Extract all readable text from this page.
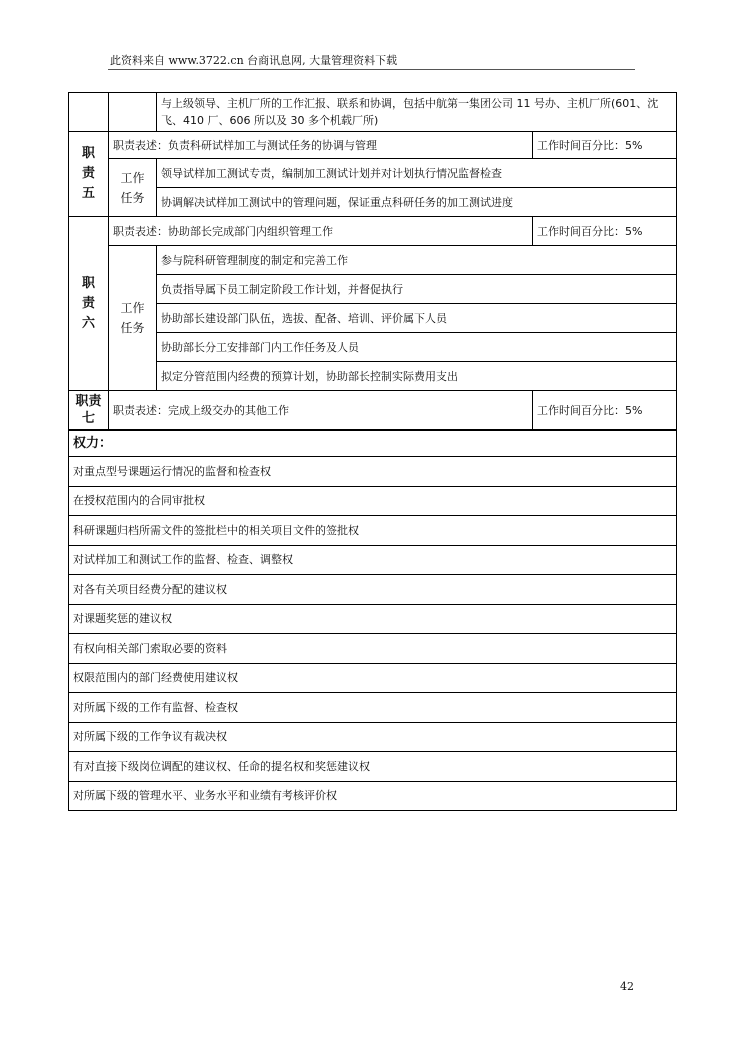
此资料来自 www.3722.cn 台商讯息网, 大量管理资料下载
		与上级领导、主机厂所的工作汇报、联系和协调，包括中航第一集团公司 11 号办、主机厂所(601、沈飞、410 厂、606 所以及 30 多个机载厂所)	
职
责
五	职责表述：负责科研试样加工与测试任务的协调与管理		工作时间百分比：5%
	工作
任务	领导试样加工测试专责，编制加工测试计划并对计划执行情况监督检查	
		协调解决试样加工测试中的管理问题，保证重点科研任务的加工测试进度	
职
责
六	职责表述：协助部长完成部门内组织管理工作		工作时间百分比：5%
	工作
任务	参与院科研管理制度的制定和完善工作	
		负责指导属下员工制定阶段工作计划，并督促执行	
		协助部长建设部门队伍，选拔、配备、培训、评价属下人员	
		协助部长分工安排部门内工作任务及人员	
		拟定分管范围内经费的预算计划，协助部长控制实际费用支出	
职责
七	职责表述：完成上级交办的其他工作		工作时间百分比：5%
权力：
对重点型号课题运行情况的监督和检查权
在授权范围内的合同审批权
科研课题归档所需文件的签批栏中的相关项目文件的签批权
对试样加工和测试工作的监督、检查、调整权
对各有关项目经费分配的建议权
对课题奖惩的建议权
有权向相关部门索取必要的资料
权限范围内的部门经费使用建议权
对所属下级的工作有监督、检查权
对所属下级的工作争议有裁决权
有对直接下级岗位调配的建议权、任命的提名权和奖惩建议权
对所属下级的管理水平、业务水平和业绩有考核评价权
42
